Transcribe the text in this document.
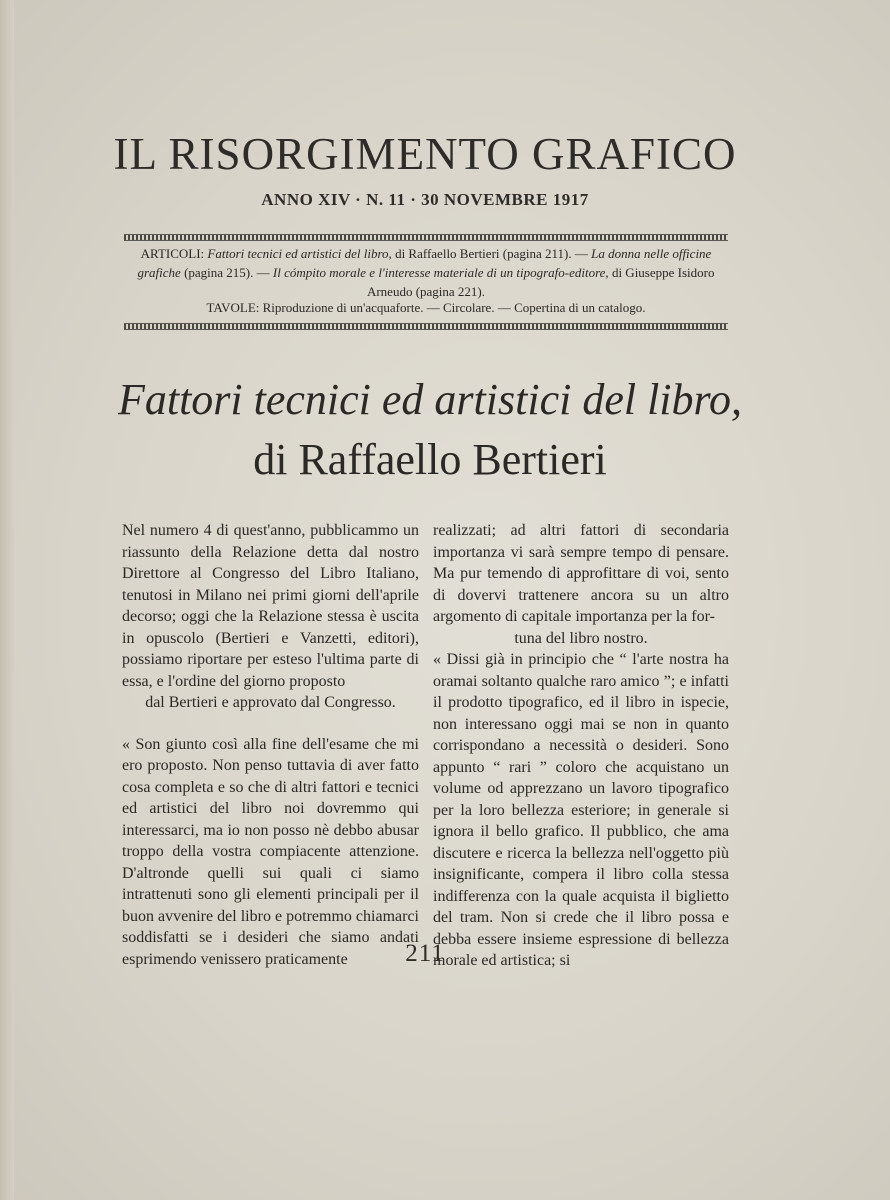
IL RISORGIMENTO GRAFICO
ANNO XIV · N. 11 · 30 NOVEMBRE 1917
ARTICOLI: Fattori tecnici ed artistici del libro, di Raffaello Bertieri (pagina 211). — La donna nelle officine grafiche (pagina 215). — Il cómpito morale e l'interesse materiale di un tipografo-editore, di Giuseppe Isidoro Arneudo (pagina 221).
TAVOLE: Riproduzione di un'acquaforte. — Circolare. — Copertina di un catalogo.
Fattori tecnici ed artistici del libro, di Raffaello Bertieri

Nel numero 4 di quest'anno, pubblicammo un riassunto della Relazione detta dal nostro Direttore al Congresso del Libro Italiano, tenutosi in Milano nei primi giorni dell'aprile decorso; oggi che la Relazione stessa è uscita in opuscolo (Bertieri e Vanzetti, editori), possiamo riportare per esteso l'ultima parte di essa, e l'ordine del giorno proposto

dal Bertieri e approvato dal Congresso.

« Son giunto così alla fine dell'esame che mi ero proposto. Non penso tuttavia di aver fatto cosa completa e so che di altri fattori e tecnici ed artistici del libro noi dovremmo qui interessarci, ma io non posso nè debbo abusar troppo della vostra compiacente attenzione. D'altronde quelli sui quali ci siamo intrattenuti sono gli elementi principali per il buon avvenire del libro e potremmo chiamarci soddisfatti se i desideri che siamo andati esprimendo venissero praticamente

realizzati; ad altri fattori di secondaria importanza vi sarà sempre tempo di pensare. Ma pur temendo di approfittare di voi, sento di dovervi trattenere ancora su un altro argomento di capitale importanza per la for-

tuna del libro nostro.

« Dissi già in principio che “ l'arte nostra ha oramai soltanto qualche raro amico ”; e infatti il prodotto tipografico, ed il libro in ispecie, non interessano oggi mai se non in quanto corrispondano a necessità o desideri. Sono appunto “ rari ” coloro che acquistano un volume od apprezzano un lavoro tipografico per la loro bellezza esteriore; in generale si ignora il bello grafico. Il pubblico, che ama discutere e ricerca la bellezza nell'oggetto più insignificante, compera il libro colla stessa indifferenza con la quale acquista il biglietto del tram. Non si crede che il libro possa e debba essere insieme espressione di bellezza morale ed artistica; si

211
